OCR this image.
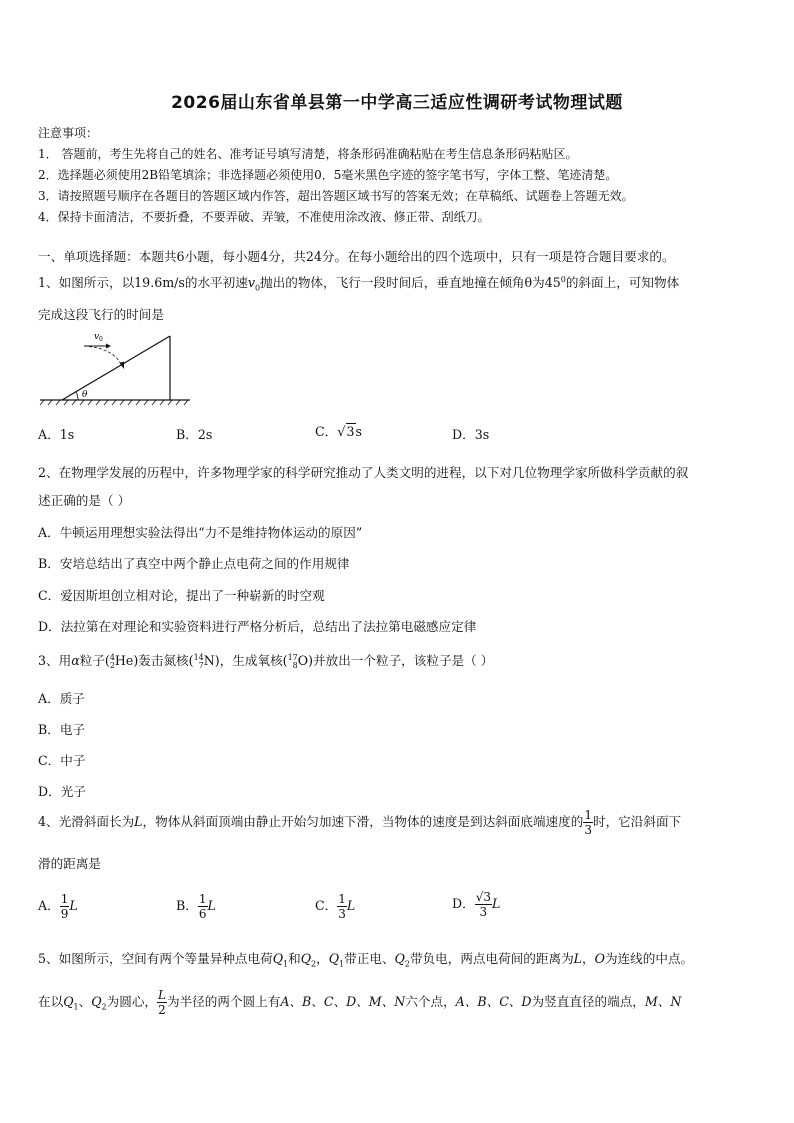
2026届山东省单县第一中学高三适应性调研考试物理试题
注意事项：
1． 答题前，考生先将自己的姓名、准考证号填写清楚，将条形码准确粘贴在考生信息条形码粘贴区。
2．选择题必须使用2B铅笔填涂；非选择题必须使用0．5毫米黑色字迹的签字笔书写，字体工整、笔迹清楚。
3．请按照题号顺序在各题目的答题区域内作答，超出答题区域书写的答案无效；在草稿纸、试题卷上答题无效。
4．保持卡面清洁，不要折叠，不要弄破、弄皱，不准使用涂改液、修正带、刮纸刀。
一、单项选择题：本题共6小题，每小题4分，共24分。在每小题给出的四个选项中，只有一项是符合题目要求的。
1、如图所示，以19.6m/s的水平初速$v_0$抛出的物体，飞行一段时间后，垂直地撞在倾角θ为$45^0$的斜面上，可知物体
完成这段飞行的时间是
θ
v 0
A．1s	B．2s	C．√3s	D．3s
2、在物理学发展的历程中，许多物理学家的科学研究推动了人类文明的进程，以下对几位物理学家所做科学贡献的叙
述正确的是（ ）
A．牛顿运用理想实验法得出“力不是维持物体运动的原因”
B．安培总结出了真空中两个静止点电荷之间的作用规律
C．爱因斯坦创立相对论，提出了一种崭新的时空观
D．法拉第在对理论和实验资料进行严格分析后，总结出了法拉第电磁感应定律
3、用α粒子( 4
2 He)轰击氮核( 14
7 N)，生成氧核( 17
8 O)并放出一个粒子，该粒子是（ ）
A．质子
B．电子
C．中子
D．光子
4、光滑斜面长为L，物体从斜面顶端由静止开始匀加速下滑，当物体的速度是到达斜面底端速度的 $\frac{1}{3}$ 时，它沿斜面下
滑的距离是
A． $\frac{1}{9}$ L	B． $\frac{1}{6}$ L	C． $\frac{1}{3}$ L	D． $\frac{√3}{3}$ L
5、如图所示，空间有两个等量异种点电荷$Q_1$和$Q_2$，$Q_1$带正电、$Q_2$带负电，两点电荷间的距离为L，O为连线的中点。
在以$Q_1$、$Q_2$为圆心， $\frac{L}{2}$ 为半径的两个圆上有A、B、C、D、M、N六个点，A、B、C、D为竖直直径的端点，M、N
